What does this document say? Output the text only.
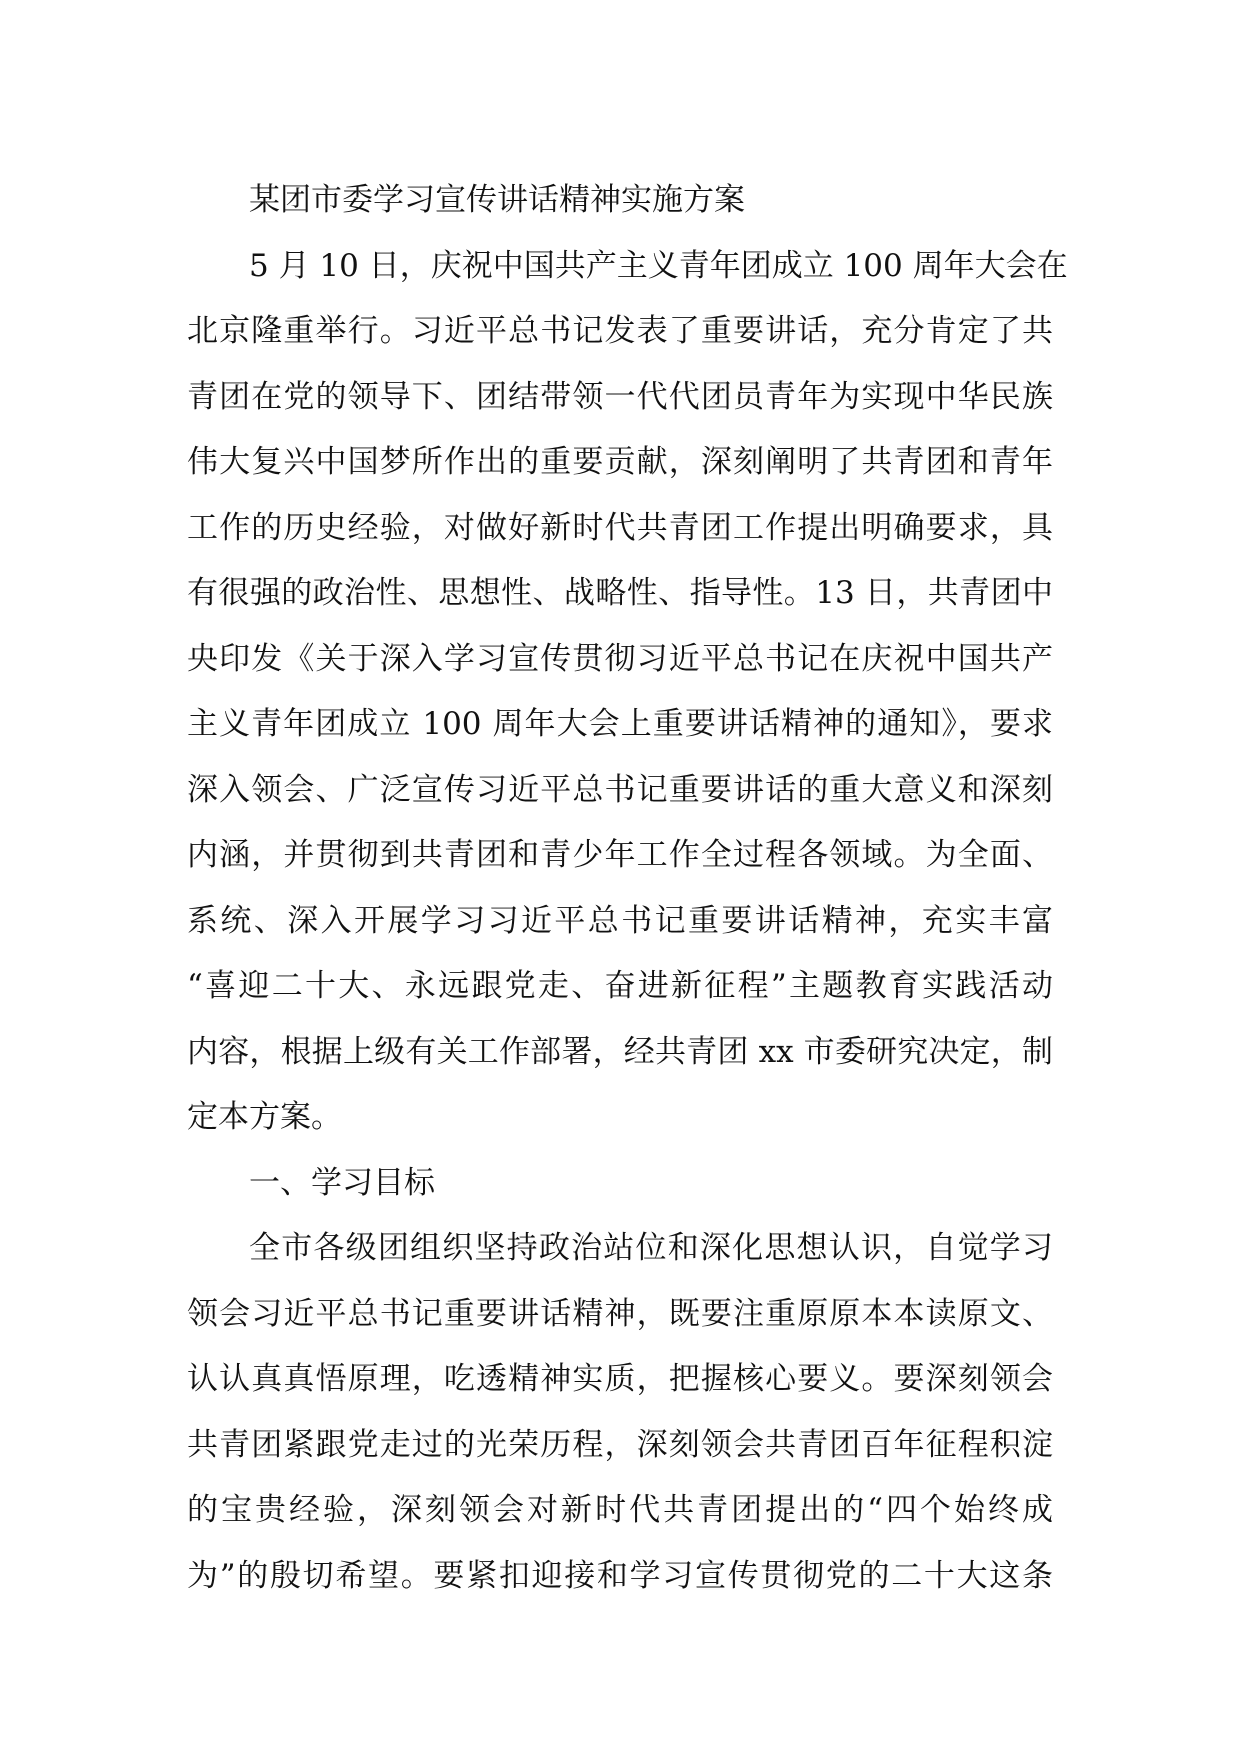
某团市委学习宣传讲话精神实施方案
5 月 10 日，庆祝中国共产主义青年团成立 100 周年大会在
北京隆重举行。习近平总书记发表了重要讲话，充分肯定了共
青团在党的领导下、团结带领一代代团员青年为实现中华民族
伟大复兴中国梦所作出的重要贡献，深刻阐明了共青团和青年
工作的历史经验，对做好新时代共青团工作提出明确要求，具
有很强的政治性、思想性、战略性、指导性。13 日，共青团中
央印发《关于深入学习宣传贯彻习近平总书记在庆祝中国共产
主义青年团成立 100 周年大会上重要讲话精神的通知》，要求
深入领会、广泛宣传习近平总书记重要讲话的重大意义和深刻
内涵，并贯彻到共青团和青少年工作全过程各领域。为全面、
系统、深入开展学习习近平总书记重要讲话精神，充实丰富
“喜迎二十大、永远跟党走、奋进新征程”主题教育实践活动
内容，根据上级有关工作部署，经共青团 xx 市委研究决定，制
定本方案。
一、学习目标
全市各级团组织坚持政治站位和深化思想认识，自觉学习
领会习近平总书记重要讲话精神，既要注重原原本本读原文、
认认真真悟原理，吃透精神实质，把握核心要义。要深刻领会
共青团紧跟党走过的光荣历程，深刻领会共青团百年征程积淀
的宝贵经验，深刻领会对新时代共青团提出的“四个始终成
为”的殷切希望。要紧扣迎接和学习宣传贯彻党的二十大这条
